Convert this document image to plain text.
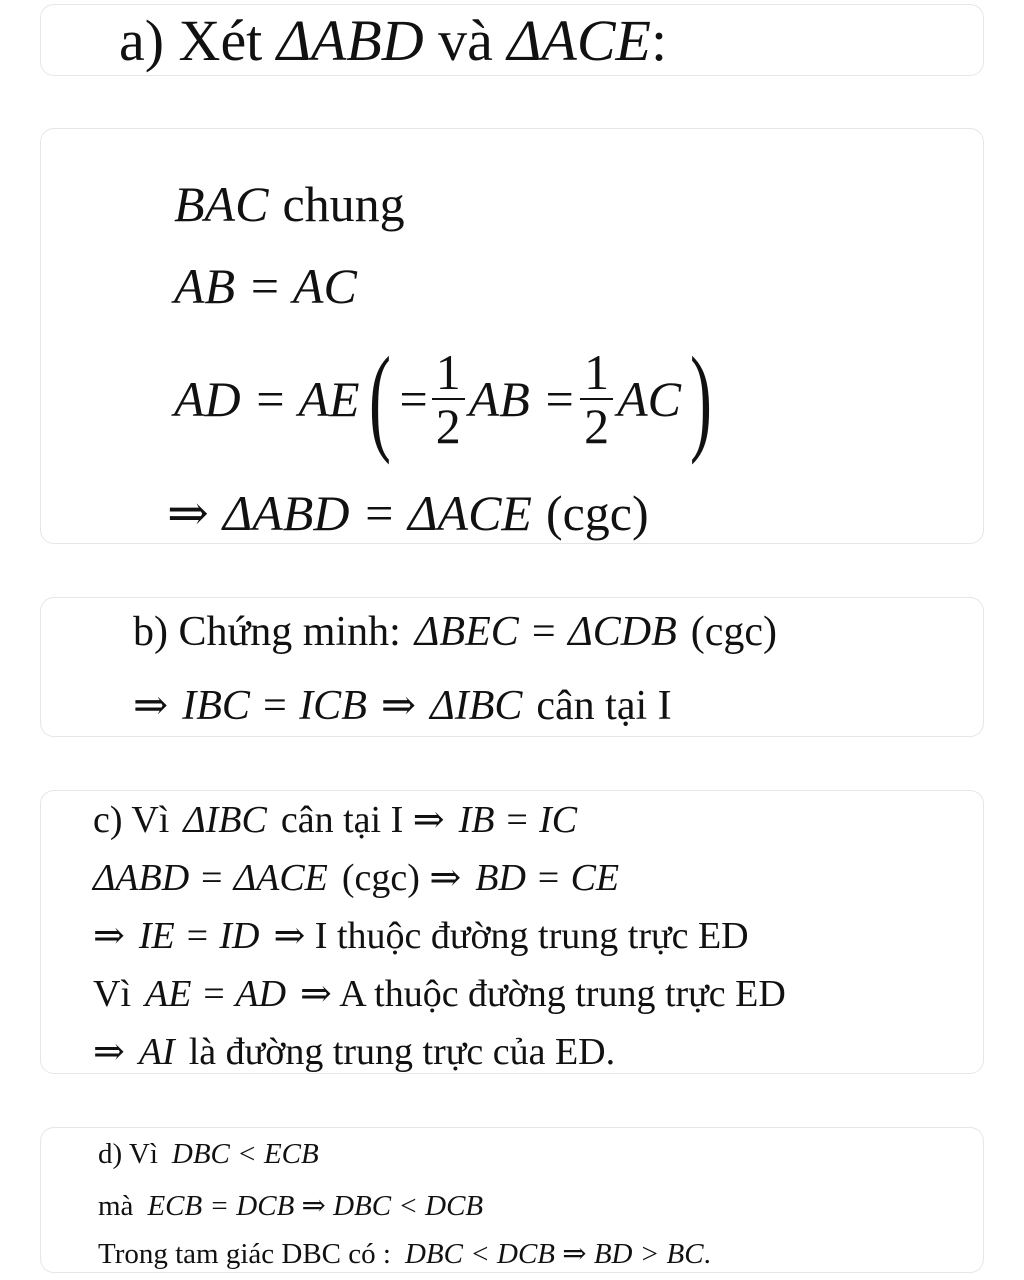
a) Xét ΔABD và ΔACE:
BAC chung
AB = AC
AD = AE ( = $\frac{1}{2}$ AB = $\frac{1}{2}$ AC )
⇒ ΔABD = ΔACE (cgc)
b) Chứng minh: ΔBEC = ΔCDB (cgc)
⇒ IBC = ICB ⇒ ΔIBC cân tại I
c) Vì ΔIBC cân tại I ⇒ IB = IC
ΔABD = ΔACE (cgc) ⇒ BD = CE
⇒ IE = ID ⇒ I thuộc đường trung trực ED
Vì AE = AD ⇒ A thuộc đường trung trực ED
⇒ AI là đường trung trực của ED.
d) Vì DBC < ECB
mà ECB = DCB ⇒ DBC < DCB
Trong tam giác DBC có : DBC < DCB ⇒ BD > BC.
